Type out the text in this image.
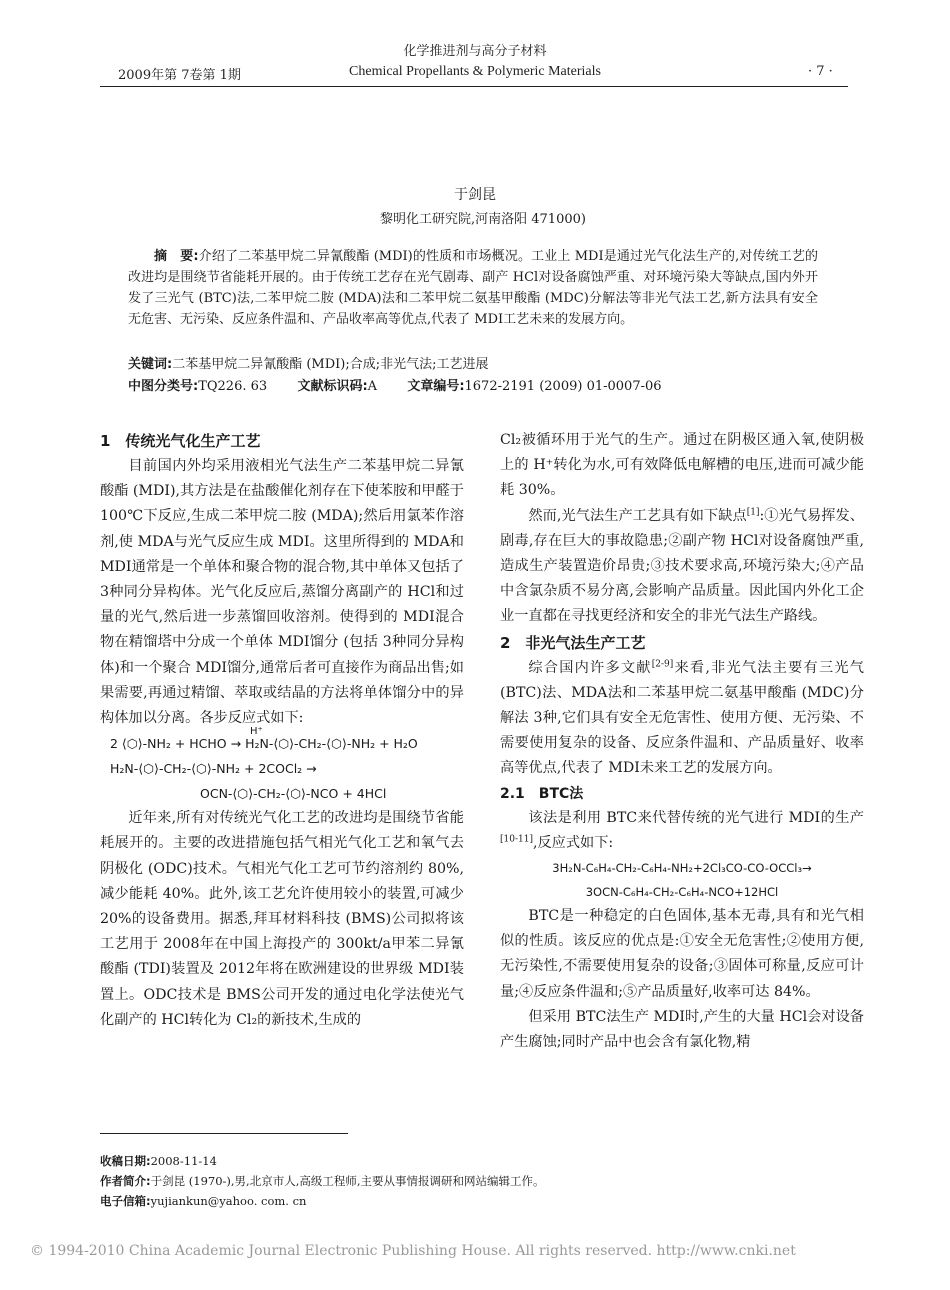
2009年第 7卷第 1期
化学推进剂与高分子材料
Chemical Propellants & Polymeric Materials	· 7 ·
于剑昆
黎明化工研究院,河南洛阳 471000)
摘　要:介绍了二苯基甲烷二异氰酸酯 (MDI)的性质和市场概况。工业上 MDI是通过光气化法生产的,对传统工艺的改进均是围绕节省能耗开展的。由于传统工艺存在光气剧毒、副产 HCl对设备腐蚀严重、对环境污染大等缺点,国内外开发了三光气 (BTC)法,二苯甲烷二胺 (MDA)法和二苯甲烷二氨基甲酸酯 (MDC)分解法等非光气法工艺,新方法具有安全无危害、无污染、反应条件温和、产品收率高等优点,代表了 MDI工艺未来的发展方向。
关键词:二苯基甲烷二异氰酸酯 (MDI);合成;非光气法;工艺进展
中图分类号:TQ226. 63 文献标识码:A 文章编号:1672-2191 (2009) 01-0007-06
1　传统光气化生产工艺

目前国内外均采用液相光气法生产二苯基甲烷二异氰酸酯 (MDI),其方法是在盐酸催化剂存在下使苯胺和甲醛于 100℃下反应,生成二苯甲烷二胺 (MDA);然后用氯苯作溶剂,使 MDA与光气反应生成 MDI。这里所得到的 MDA和 MDI通常是一个单体和聚合物的混合物,其中单体又包括了 3种同分异构体。光气化反应后,蒸馏分离副产的 HCl和过量的光气,然后进一步蒸馏回收溶剂。使得到的 MDI混合物在精馏塔中分成一个单体 MDI馏分 (包括 3种同分异构体)和一个聚合 MDI馏分,通常后者可直接作为商品出售;如果需要,再通过精馏、萃取或结晶的方法将单体馏分中的异构体加以分离。各步反应式如下:

2 ⟨⬡⟩-NH₂ + HCHO → H₂N-⟨⬡⟩-CH₂-⟨⬡⟩-NH₂ + H₂O
H⁺
H₂N-⟨⬡⟩-CH₂-⟨⬡⟩-NH₂ + 2COCl₂ →
OCN-⟨⬡⟩-CH₂-⟨⬡⟩-NCO + 4HCl

近年来,所有对传统光气化工艺的改进均是围绕节省能耗展开的。主要的改进措施包括气相光气化工艺和氧气去阴极化 (ODC)技术。气相光气化工艺可节约溶剂约 80%,减少能耗 40%。此外,该工艺允许使用较小的装置,可减少 20%的设备费用。据悉,拜耳材料科技 (BMS)公司拟将该工艺用于 2008年在中国上海投产的 300kt/a甲苯二异氰酸酯 (TDI)装置及 2012年将在欧洲建设的世界级 MDI装置上。ODC技术是 BMS公司开发的通过电化学法使光气化副产的 HCl转化为 Cl₂的新技术,生成的

Cl₂被循环用于光气的生产。通过在阴极区通入氧,使阴极上的 H⁺转化为水,可有效降低电解槽的电压,进而可减少能耗 30%。

然而,光气法生产工艺具有如下缺点[1]:①光气易挥发、剧毒,存在巨大的事故隐患;②副产物 HCl对设备腐蚀严重,造成生产装置造价昂贵;③技术要求高,环境污染大;④产品中含氯杂质不易分离,会影响产品质量。因此国内外化工企业一直都在寻找更经济和安全的非光气法生产路线。

2　非光气法生产工艺

综合国内许多文献[2-9]来看,非光气法主要有三光气 (BTC)法、MDA法和二苯基甲烷二氨基甲酸酯 (MDC)分解法 3种,它们具有安全无危害性、使用方便、无污染、不需要使用复杂的设备、反应条件温和、产品质量好、收率高等优点,代表了 MDI未来工艺的发展方向。

2.1　BTC法

该法是利用 BTC来代替传统的光气进行 MDI的生产[10-11],反应式如下:

3H₂N-C₆H₄-CH₂-C₆H₄-NH₂+2Cl₃CO-CO-OCCl₃→
3OCN-C₆H₄-CH₂-C₆H₄-NCO+12HCl

BTC是一种稳定的白色固体,基本无毒,具有和光气相似的性质。该反应的优点是:①安全无危害性;②使用方便,无污染性,不需要使用复杂的设备;③固体可称量,反应可计量;④反应条件温和;⑤产品质量好,收率可达 84%。

但采用 BTC法生产 MDI时,产生的大量 HCl会对设备产生腐蚀;同时产品中也会含有氯化物,精

收稿日期:2008-11-14
作者简介:于剑昆 (1970-),男,北京市人,高级工程师,主要从事情报调研和网站编辑工作。
电子信箱:yujiankun@yahoo. com. cn
© 1994-2010 China Academic Journal Electronic Publishing House. All rights reserved. http://www.cnki.net
